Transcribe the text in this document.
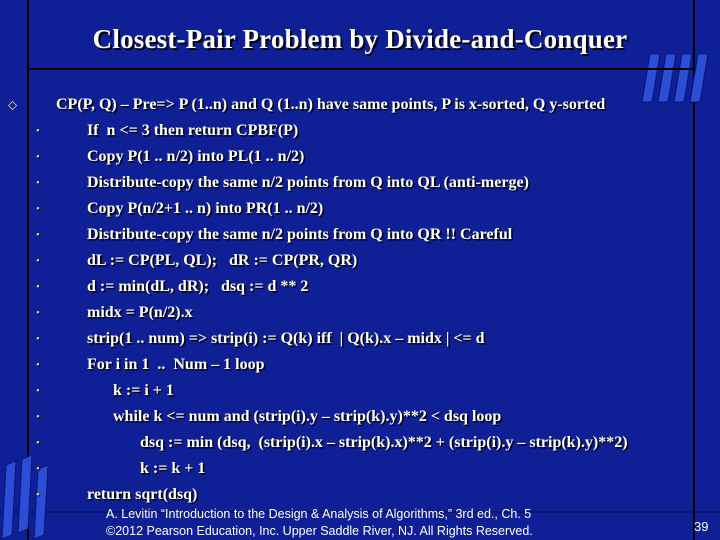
Closest-Pair Problem by Divide-and-Conquer
⬦ CP(P, Q) – Pre=> P (1..n) and Q (1..n) have same points, P is x-sorted, Q y-sorted
•	If  n <= 3 then return CPBF(P)
•	Copy P(1 .. n/2) into PL(1 .. n/2)
•	Distribute-copy the same n/2 points from Q into QL (anti-merge)
•	Copy P(n/2+1 .. n) into PR(1 .. n/2)
•	Distribute-copy the same n/2 points from Q into QR !! Careful
•	dL := CP(PL, QL);   dR := CP(PR, QR)
•	d := min(dL, dR);   dsq := d ** 2
•	midx = P(n/2).x
•	strip(1 .. num) => strip(i) := Q(k) iff  | Q(k).x – midx | <= d
•	For i in 1  ..  Num – 1 loop
•	k := i + 1
•	while k <= num and (strip(i).y – strip(k).y)**2 < dsq loop
•	dsq := min (dsq,  (strip(i).x – strip(k).x)**2 + (strip(i).y – strip(k).y)**2)
•	k := k + 1
•	return sqrt(dsq)
A. Levitin “Introduction to the Design & Analysis of Algorithms,” 3rd ed., Ch. 5
©2012 Pearson Education, Inc. Upper Saddle River, NJ. All Rights Reserved.	39
